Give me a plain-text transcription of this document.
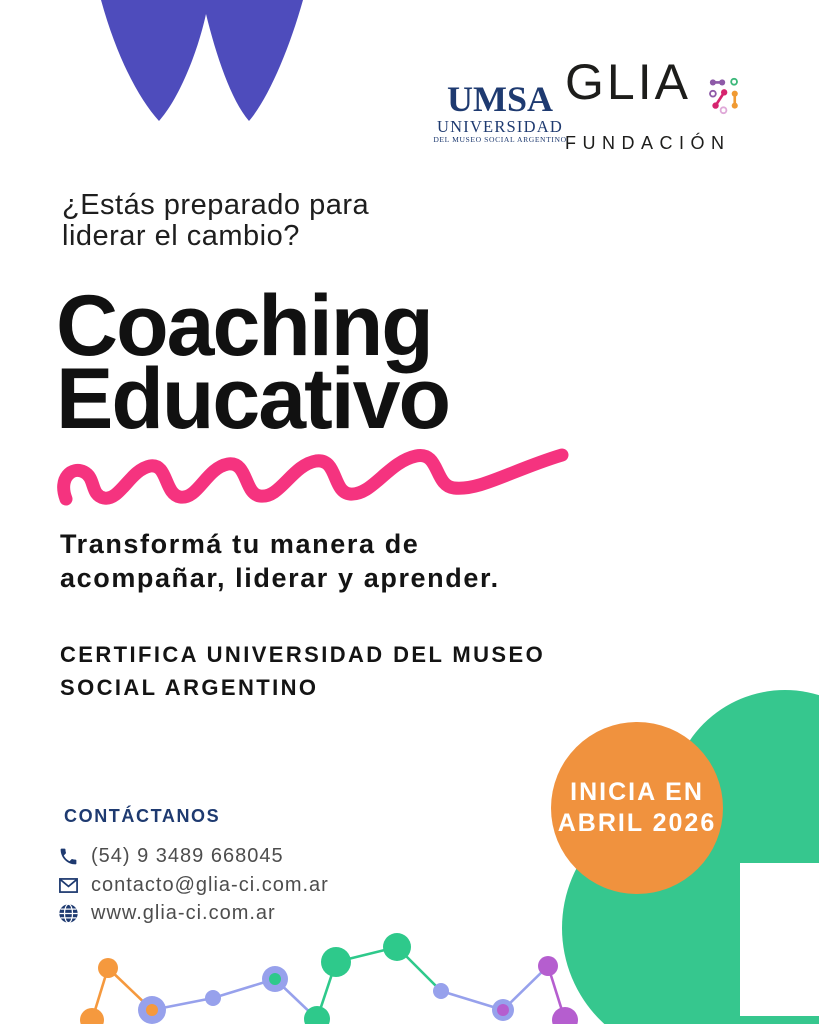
UMSA
UNIVERSIDAD
DEL MUSEO SOCIAL ARGENTINO
GLIA
FUNDACIÓN
¿Estás preparado para
liderar el cambio?
Coaching
Educativo
Transformá tu manera de
acompañar, liderar y aprender.
CERTIFICA UNIVERSIDAD DEL MUSEO
SOCIAL ARGENTINO
INICIA EN
ABRIL 2026
CONTÁCTANOS
(54) 9 3489 668045
contacto@glia-ci.com.ar
www.glia-ci.com.ar
